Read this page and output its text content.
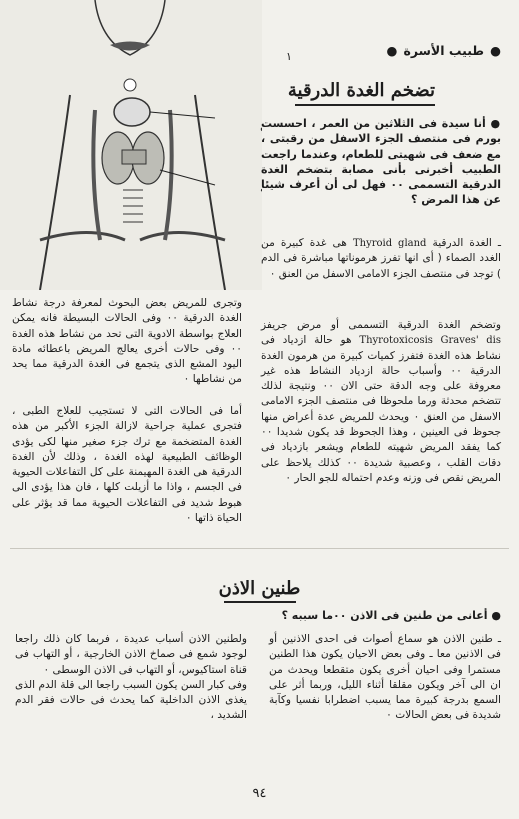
●
طبيب الأسرة
●
١
تضخم الغدة الدرقية
● أنا سيدة فى الثلاثين من العمر ، احسست بورم فى منتصف الجزء الاسفل من رقبتى ، مع ضعف فى شهيتى للطعام، وعندما راجعت الطبيب أخبرنى بأنى مصابة بتضخم الغدة الدرقية التسممى ٠٠ فهل لى أن أعرف شيئا عن هذا المرض ؟
ـ الغدة الدرقية Thyroid gland هى غدة كبيرة من الغدد الصماء ( أى انها تفرز هرموناتها مباشرة فى الدم ) توجد فى منتصف الجزء الامامى الاسفل من العنق ٠
وتضخم الغدة الدرقية التسممى أو مرض جريفز Thyrotoxicosis Graves' dis هو حالة ازدياد فى نشاط هذه الغدة فتفرز كميات كبيرة من هرمون الغدة الدرقية ٠٠ وأسباب حالة ازدياد النشاط هذه غير معروفة على وجه الدقة حتى الان ٠٠ ونتيجة لذلك تتضخم محدثة ورما ملحوظا فى منتصف الجزء الامامى الاسفل من العنق ٠ ويحدث للمريض عدة أعراض منها جحوظ فى العينين ، وهذا الجحوظ قد يكون شديدا ٠٠ كما يفقد المريض شهيته للطعام ويشعر بازدياد فى دقات القلب ، وعصبية شديدة ٠٠ كذلك يلاحظ على المريض نقص فى وزنه وعدم احتماله للجو الحار ٠
وتجرى للمريض بعض البحوث لمعرفة درجة نشاط الغدة الدرقية ٠٠ وفى الحالات البسيطة فانه يمكن العلاج بواسطة الادوية التى تحد من نشاط هذه الغدة ٠٠ وفى حالات أخرى يعالج المريض باعطائه مادة اليود المشع الذى يتجمع فى الغدة الدرقية مما يحد من نشاطها ٠
أما فى الحالات التى لا تستجيب للعلاج الطبى ، فتجرى عملية جراحية لازالة الجزء الأكبر من هذه الغدة المتضخمة مع ترك جزء صغير منها لكى يؤدى الوظائف الطبيعية لهذه الغدة ، وذلك لأن الغدة الدرقية هى الغدة المهيمنة على كل التفاعلات الحيوية فى الجسم ، واذا ما أزيلت كلها ، فان هذا يؤدى الى هبوط شديد فى التفاعلات الحيوية مما قد يؤثر على الحياة ذاتها ٠
طنين الاذن
● أعانى من طنين فى الاذن ٠٠ما سببه ؟
ـ طنين الاذن هو سماع أصوات فى احدى الاذنين أو فى الاذنين معا ـ وفى بعض الاحيان يكون هذا الطنين مستمرا وفى احيان أخرى يكون متقطعا ويحدث من ان الى آخر ويكون مقلقا أثناء الليل، وربما أثر على السمع بدرجة كبيرة مما يسبب اضطرابا نفسيا وكآبة شديدة فى بعض الحالات ٠
ولطنين الاذن أسباب عديدة ، فربما كان ذلك راجعا لوجود شمع فى صماخ الاذن الخارجية ، أو التهاب فى قناة استاكيوس، أو التهاب فى الاذن الوسطى ٠
وفى كبار السن يكون السبب راجعا الى قلة الدم الذى يغذى الاذن الداخلية كما يحدث فى حالات فقر الدم الشديد ،
٩٤
